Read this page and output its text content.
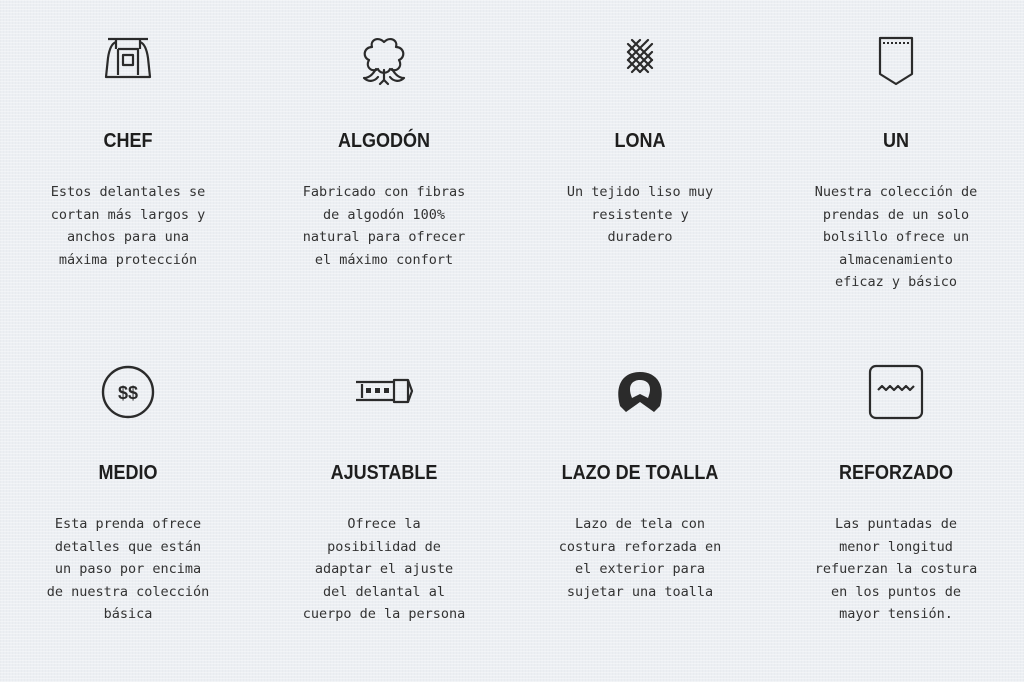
CHEF
Estos delantales se cortan más largos y anchos para una máxima protección
ALGODÓN
Fabricado con fibras de algodón 100% natural para ofrecer el máximo confort
LONA
Un tejido liso muy resistente y duradero
UN
Nuestra colección de prendas de un solo bolsillo ofrece un almacenamiento eficaz y básico
$$
MEDIO
Esta prenda ofrece detalles que están un paso por encima de nuestra colección básica
AJUSTABLE
Ofrece la posibilidad de adaptar el ajuste del delantal al cuerpo de la persona
LAZO DE TOALLA
Lazo de tela con costura reforzada en el exterior para sujetar una toalla
REFORZADO
Las puntadas de menor longitud refuerzan la costura en los puntos de mayor tensión.
